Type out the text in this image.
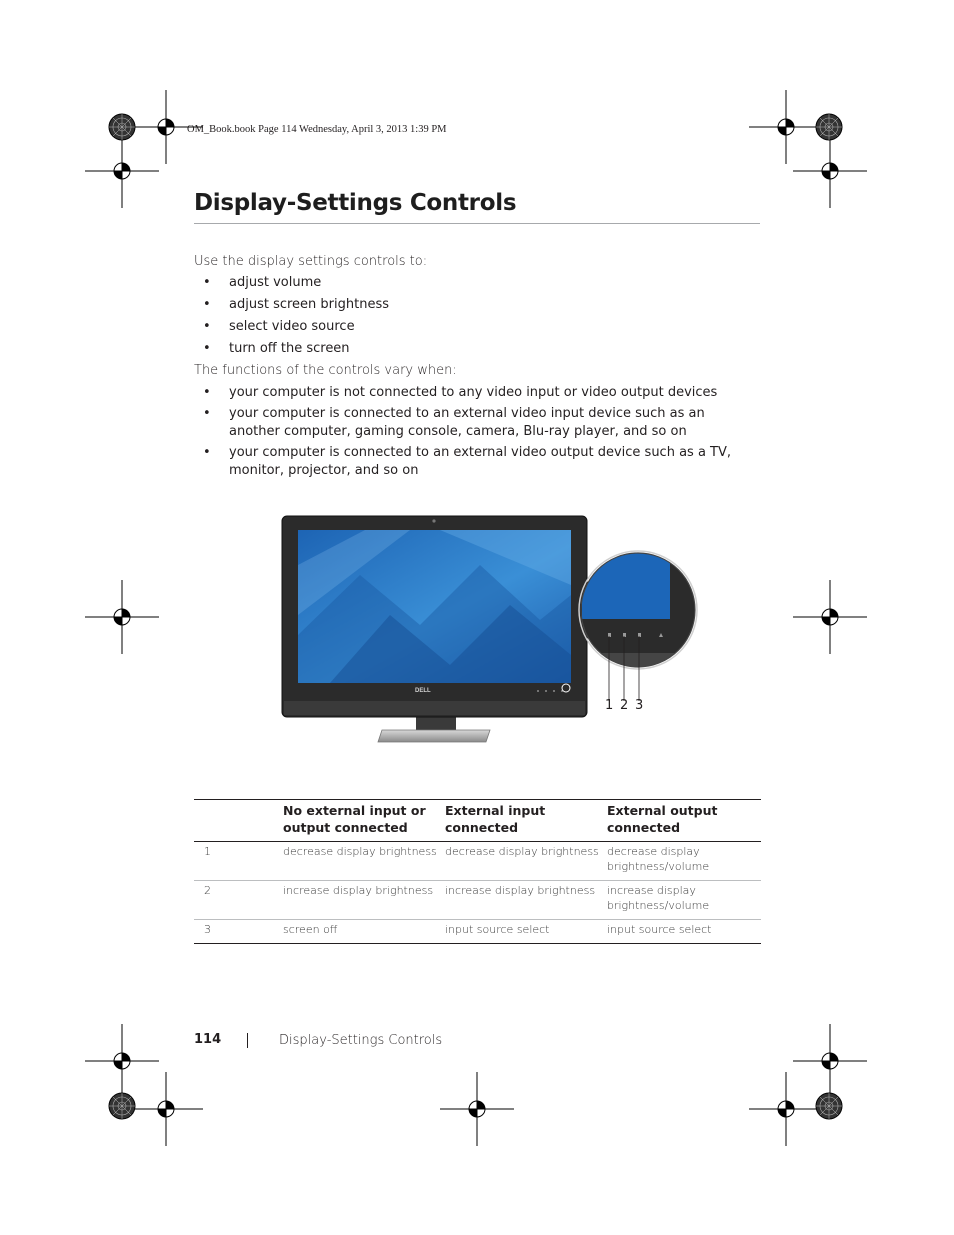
OM_Book.book Page 114 Wednesday, April 3, 2013 1:39 PM
Display-Settings Controls
Use the display settings controls to:
• adjust volume
• adjust screen brightness
• select video source
• turn off the screen
The functions of the controls vary when:
• your computer is not connected to any video input or video output devices
• your computer is connected to an external video input device such as an another computer, gaming console, camera, Blu-ray player, and so on
• your computer is connected to an external video output device such as a TV, monitor, projector, and so on
DELL
1 2 3
	No external input or output connected	External input connected	External output connected
1	decrease display brightness	decrease display brightness	decrease display brightness/volume
2	increase display brightness	increase display brightness	increase display brightness/volume
3	screen off	input source select	input source select
114	Display-Settings Controls
